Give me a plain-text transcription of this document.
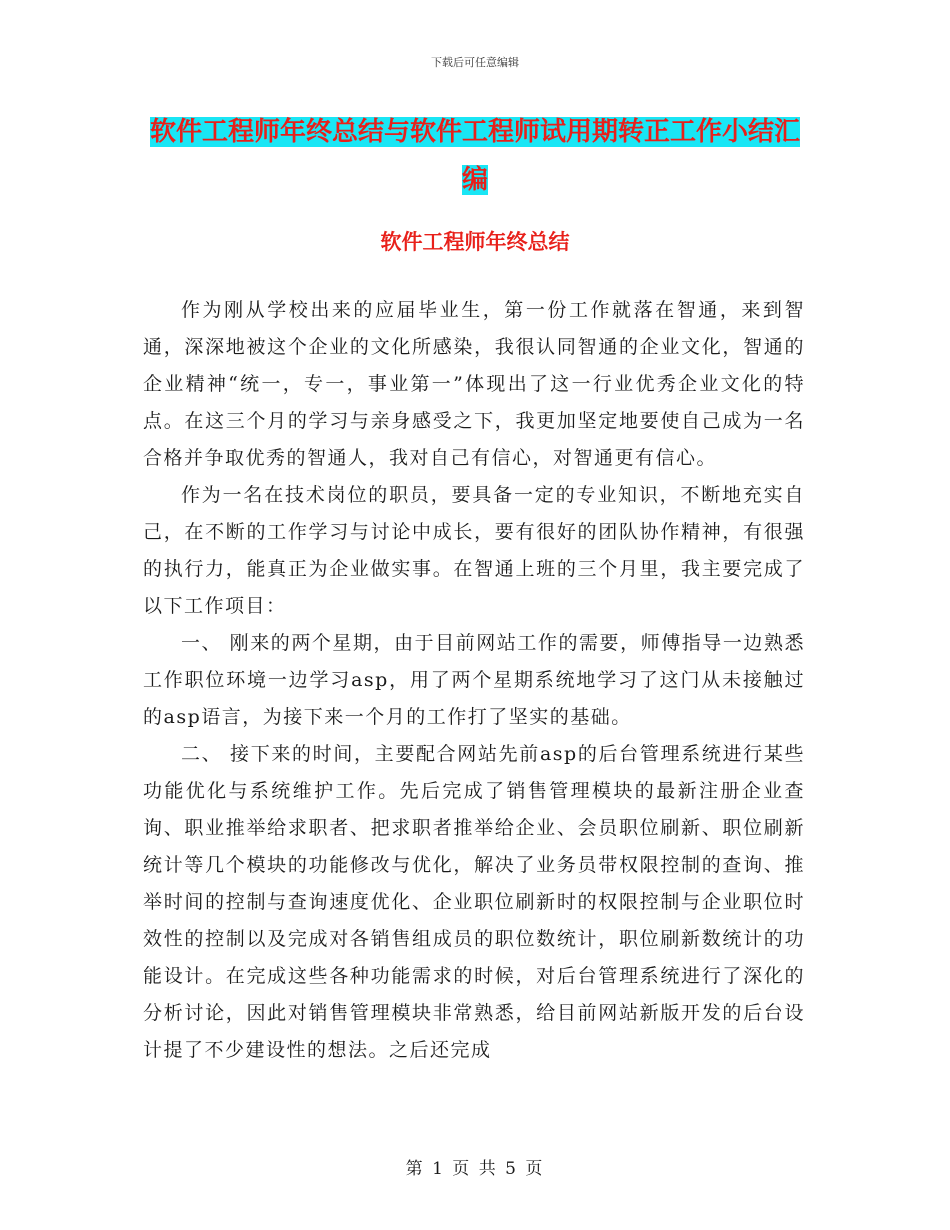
下载后可任意编辑
软件工程师年终总结与软件工程师试用期转正工作小结汇编
软件工程师年终总结

作为刚从学校出来的应届毕业生，第一份工作就落在智通，来到智通，深深地被这个企业的文化所感染，我很认同智通的企业文化，智通的企业精神“统一，专一，事业第一”体现出了这一行业优秀企业文化的特点。在这三个月的学习与亲身感受之下，我更加坚定地要使自己成为一名合格并争取优秀的智通人，我对自己有信心，对智通更有信心。

作为一名在技术岗位的职员，要具备一定的专业知识，不断地充实自己，在不断的工作学习与讨论中成长，要有很好的团队协作精神，有很强的执行力，能真正为企业做实事。在智通上班的三个月里，我主要完成了以下工作项目：

一、 刚来的两个星期，由于目前网站工作的需要，师傅指导一边熟悉工作职位环境一边学习asp，用了两个星期系统地学习了这门从未接触过的asp语言，为接下来一个月的工作打了坚实的基础。

二、 接下来的时间，主要配合网站先前asp的后台管理系统进行某些功能优化与系统维护工作。先后完成了销售管理模块的最新注册企业查询、职业推举给求职者、把求职者推举给企业、会员职位刷新、职位刷新统计等几个模块的功能修改与优化，解决了业务员带权限控制的查询、推举时间的控制与查询速度优化、企业职位刷新时的权限控制与企业职位时效性的控制以及完成对各销售组成员的职位数统计，职位刷新数统计的功能设计。在完成这些各种功能需求的时候，对后台管理系统进行了深化的分析讨论，因此对销售管理模块非常熟悉，给目前网站新版开发的后台设计提了不少建设性的想法。之后还完成

第 1 页 共 5 页
